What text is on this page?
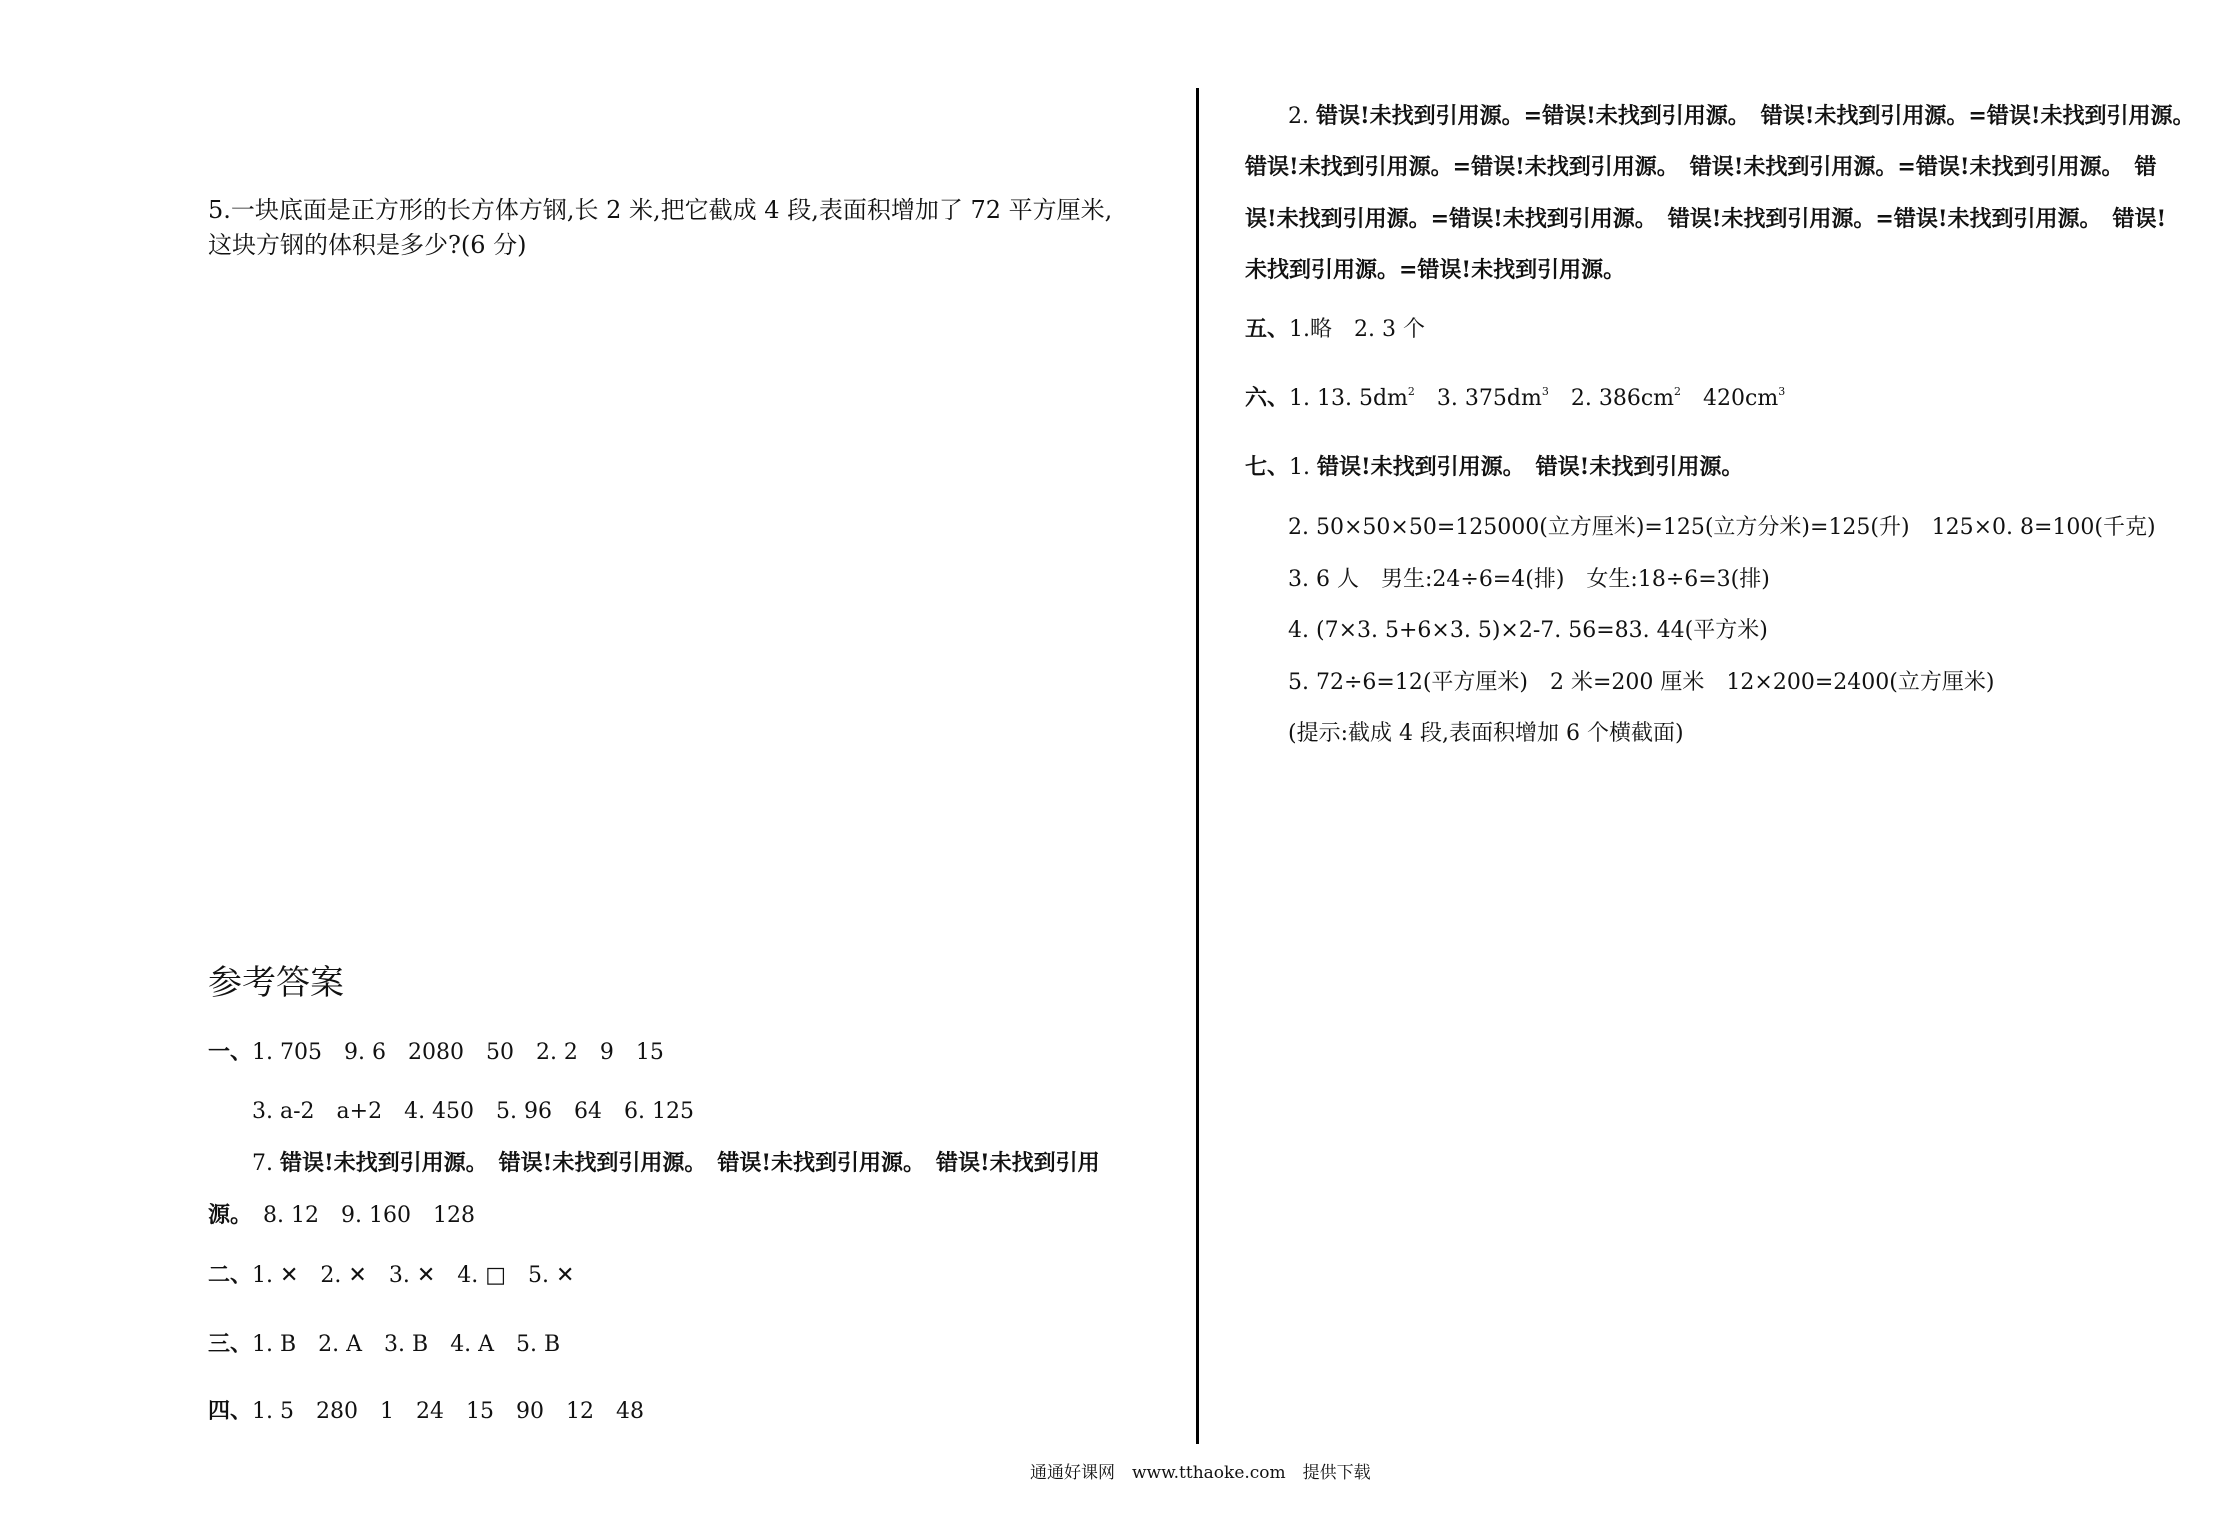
5.一块底面是正方形的长方体方钢,长 2 米,把它截成 4 段,表面积增加了 72 平方厘米,
这块方钢的体积是多少?(6 分)
参考答案
一、1. 705　9. 6　2080　50　2. 2　9　15
3. a-2　a+2　4. 450　5. 96　64　6. 125
7. 错误!未找到引用源。　错误!未找到引用源。　错误!未找到引用源。　错误!未找到引用
源。　8. 12　9. 160　128
二、1. ✕　2. ✕　3. ✕　4. □　5. ✕
三、1. B　2. A　3. B　4. A　5. B
四、1. 5　280　1　24　15　90　12　48
2. 错误!未找到引用源。=错误!未找到引用源。　错误!未找到引用源。=错误!未找到引用源。
错误!未找到引用源。=错误!未找到引用源。　错误!未找到引用源。=错误!未找到引用源。　错
误!未找到引用源。=错误!未找到引用源。　错误!未找到引用源。=错误!未找到引用源。　错误!
未找到引用源。=错误!未找到引用源。
五、1.略　2. 3 个
六、1. 13. $5dm^2$　3. $375dm^3$　2. $386cm^2$　$420cm^3$
七、1. 错误!未找到引用源。　错误!未找到引用源。
2. 50×50×50=125000(立方厘米)=125(立方分米)=125(升)　125×0. 8=100(千克)
3. 6 人　男生:24÷6=4(排)　女生:18÷6=3(排)
4. (7×3. 5+6×3. 5)×2-7. 56=83. 44(平方米)
5. 72÷6=12(平方厘米)　2 米=200 厘米　12×200=2400(立方厘米)
(提示:截成 4 段,表面积增加 6 个横截面)
通通好课网　www.tthaoke.com　提供下载
